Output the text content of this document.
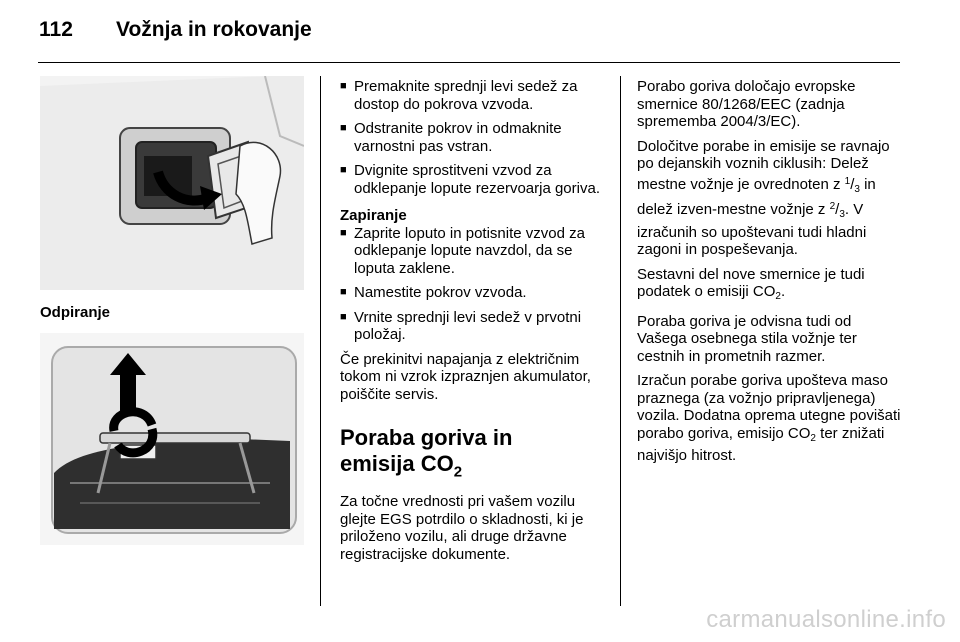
112 Vožnja in rokovanje
Odpiranje
■ Premaknite sprednji levi sedež za dostop do pokrova vzvoda.
■ Odstranite pokrov in odmaknite varnostni pas vstran.
■ Dvignite sprostitveni vzvod za odklepanje lopute rezervoarja goriva.
Zapiranje
■ Zaprite loputo in potisnite vzvod za odklepanje lopute navzdol, da se loputa zaklene.
■ Namestite pokrov vzvoda.
■ Vrnite sprednji levi sedež v prvotni položaj.

Če prekinitvi napajanja z električnim tokom ni vzrok izpraznjen akumulator, poiščite servis.

Poraba goriva in
emisija $CO_2$

Za točne vrednosti pri vašem vozilu glejte EGS potrdilo o skladnosti, ki je priloženo vozilu, ali druge državne registracijske dokumente.

Porabo goriva določajo evropske smernice 80/1268/EEC (zadnja sprememba 2004/3/EC).

Določitve porabe in emisije se ravnajo po dejanskih voznih ciklusih: Delež mestne vožnje je ovrednoten z $^1/_3$ in delež izven-mestne vožnje z $^2/_3$. V izračunih so upoštevani tudi hladni zagoni in pospeševanja.

Sestavni del nove smernice je tudi podatek o emisiji $CO_2$.

Poraba goriva je odvisna tudi od Vašega osebnega stila vožnje ter cestnih in prometnih razmer.

Izračun porabe goriva upošteva maso praznega (za vožnjo pripravljenega) vozila. Dodatna oprema utegne povišati porabo goriva, emisijo $CO_2$ ter znižati najvišjo hitrost.

carmanualsonline.info
